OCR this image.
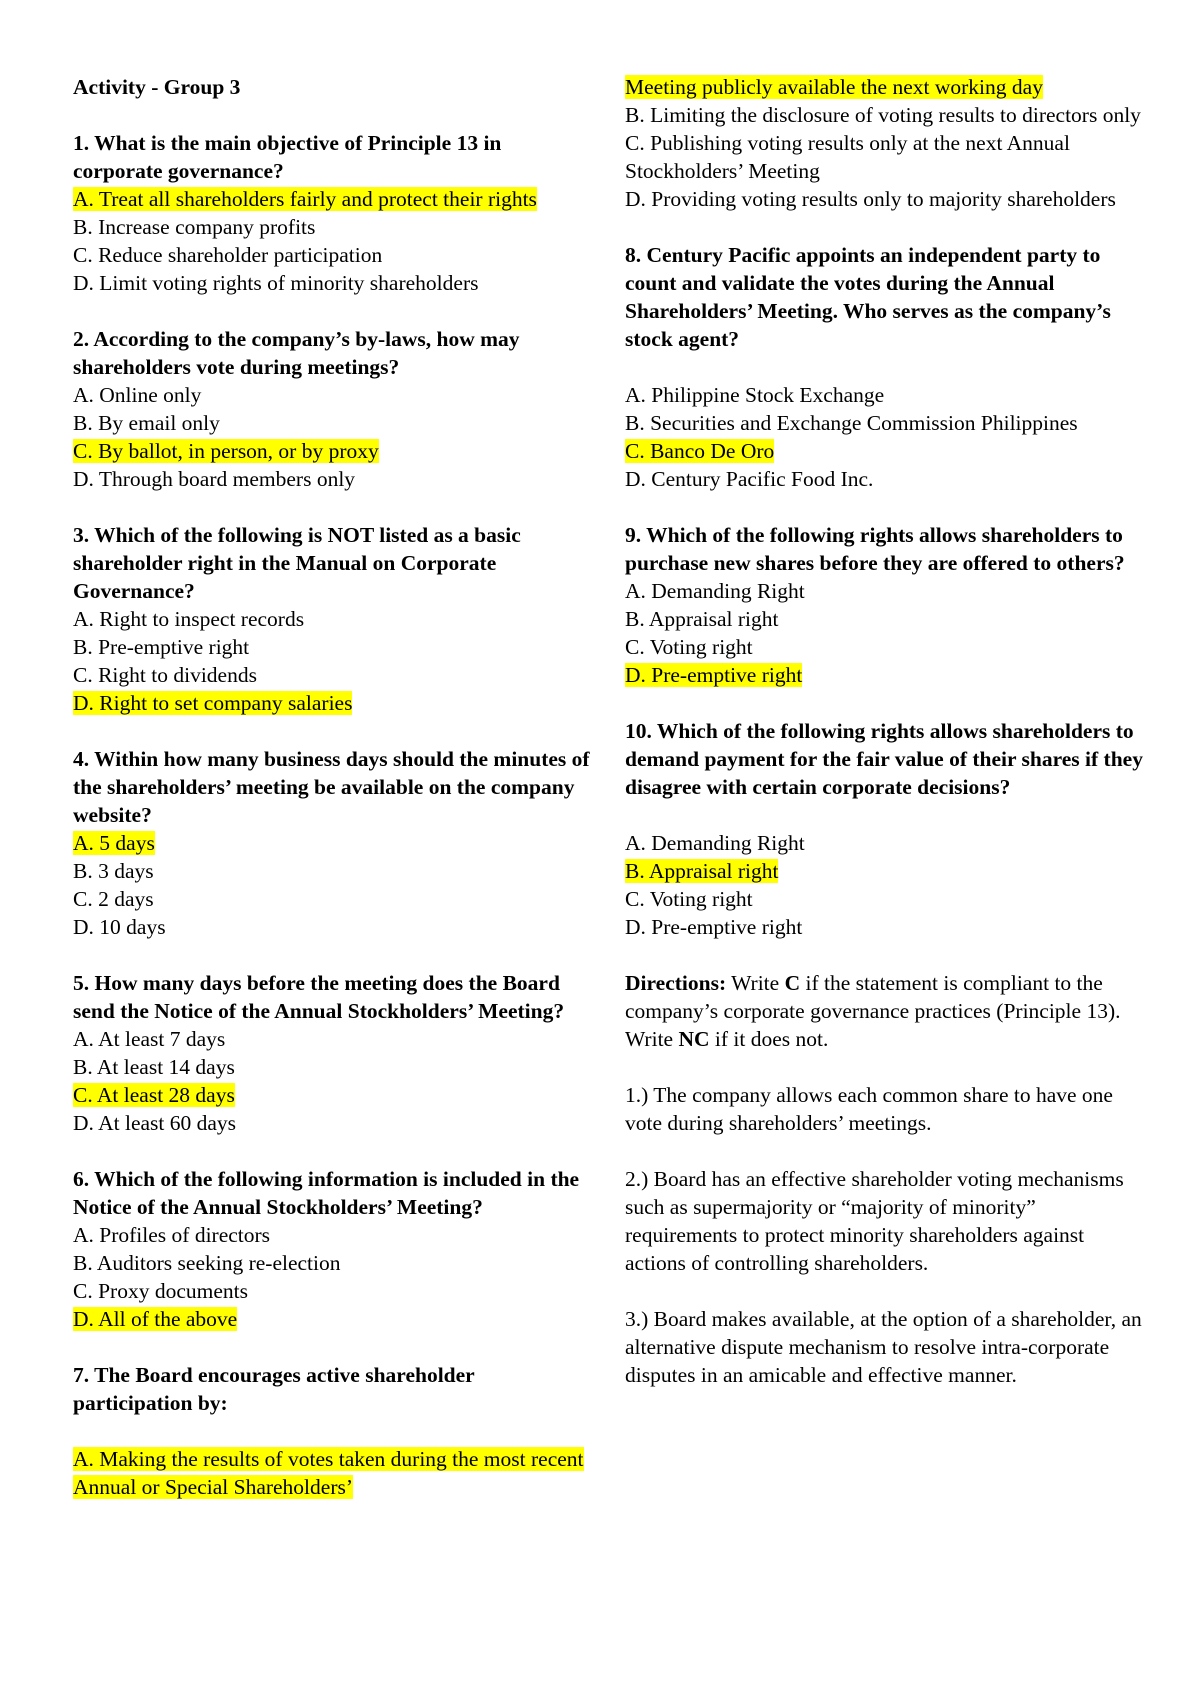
Activity - Group 3

1. What is the main objective of Principle 13 in corporate governance?

A. Treat all shareholders fairly and protect their rights

B. Increase company profits

C. Reduce shareholder participation

D. Limit voting rights of minority shareholders

2. According to the company’s by-laws, how may shareholders vote during meetings?

A. Online only

B. By email only

C. By ballot, in person, or by proxy

D. Through board members only

3. Which of the following is NOT listed as a basic shareholder right in the Manual on Corporate Governance?

A. Right to inspect records

B. Pre-emptive right

C. Right to dividends

D. Right to set company salaries

4. Within how many business days should the minutes of the shareholders’ meeting be available on the company website?

A. 5 days

B. 3 days

C. 2 days

D. 10 days

5. How many days before the meeting does the Board send the Notice of the Annual Stockholders’ Meeting?

A. At least 7 days

B. At least 14 days

C. At least 28 days

D. At least 60 days

6. Which of the following information is included in the Notice of the Annual Stockholders’ Meeting?

A. Profiles of directors

B. Auditors seeking re-election

C. Proxy documents

D. All of the above

7. The Board encourages active shareholder participation by:

A. Making the results of votes taken during the most recent Annual or Special Shareholders’

Meeting publicly available the next working day

B. Limiting the disclosure of voting results to directors only

C. Publishing voting results only at the next Annual Stockholders’ Meeting

D. Providing voting results only to majority shareholders

8. Century Pacific appoints an independent party to count and validate the votes during the Annual Shareholders’ Meeting. Who serves as the company’s stock agent?

A. Philippine Stock Exchange

B. Securities and Exchange Commission Philippines

C. Banco De Oro

D. Century Pacific Food Inc.

9. Which of the following rights allows shareholders to purchase new shares before they are offered to others?

A. Demanding Right

B. Appraisal right

C. Voting right

D. Pre-emptive right

10. Which of the following rights allows shareholders to demand payment for the fair value of their shares if they disagree with certain corporate decisions?

A. Demanding Right

B. Appraisal right

C. Voting right

D. Pre-emptive right

Directions: Write C if the statement is compliant to the company’s corporate governance practices (Principle 13). Write NC if it does not.

1.) The company allows each common share to have one vote during shareholders’ meetings.

2.) Board has an effective shareholder voting mechanisms such as supermajority or “majority of minority” requirements to protect minority shareholders against actions of controlling shareholders.

3.) Board makes available, at the option of a shareholder, an alternative dispute mechanism to resolve intra-corporate disputes in an amicable and effective manner.
